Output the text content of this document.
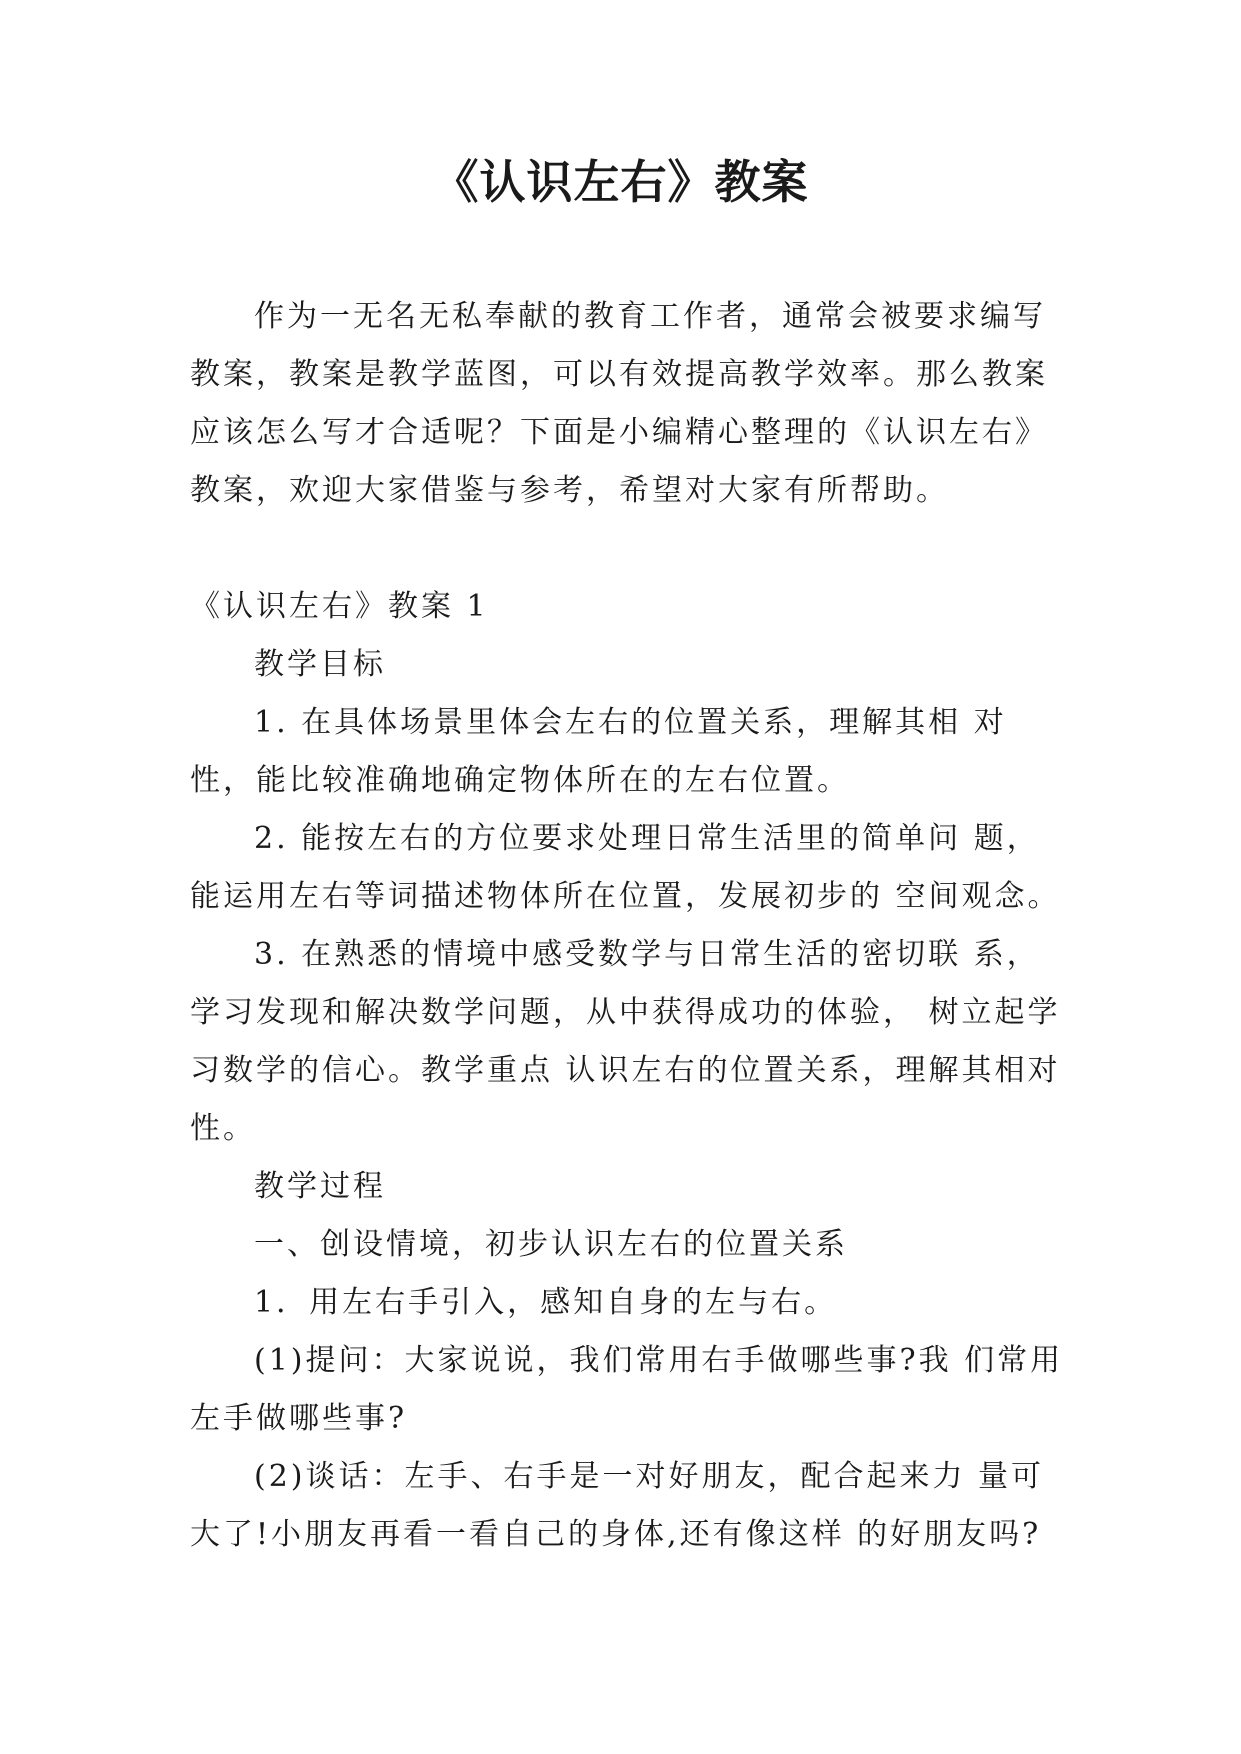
《认识左右》教案

作为一无名无私奉献的教育工作者，通常会被要求编写教案，教案是教学蓝图，可以有效提高教学效率。那么教案应该怎么写才合适呢？下面是小编精心整理的《认识左右》教案，欢迎大家借鉴与参考，希望对大家有所帮助。

《认识左右》教案 1

教学目标

1. 在具体场景里体会左右的位置关系，理解其相 对性，能比较准确地确定物体所在的左右位置。

2. 能按左右的方位要求处理日常生活里的简单问 题，能运用左右等词描述物体所在位置，发展初步的 空间观念。

3. 在熟悉的情境中感受数学与日常生活的密切联 系，学习发现和解决数学问题，从中获得成功的体验， 树立起学习数学的信心。教学重点 认识左右的位置关系，理解其相对性。

教学过程

一、创设情境，初步认识左右的位置关系

1．用左右手引入，感知自身的左与右。

(1)提问：大家说说，我们常用右手做哪些事?我 们常用左手做哪些事?

(2)谈话：左手、右手是一对好朋友，配合起来力 量可大了!小朋友再看一看自己的身体,还有像这样 的好朋友吗?
